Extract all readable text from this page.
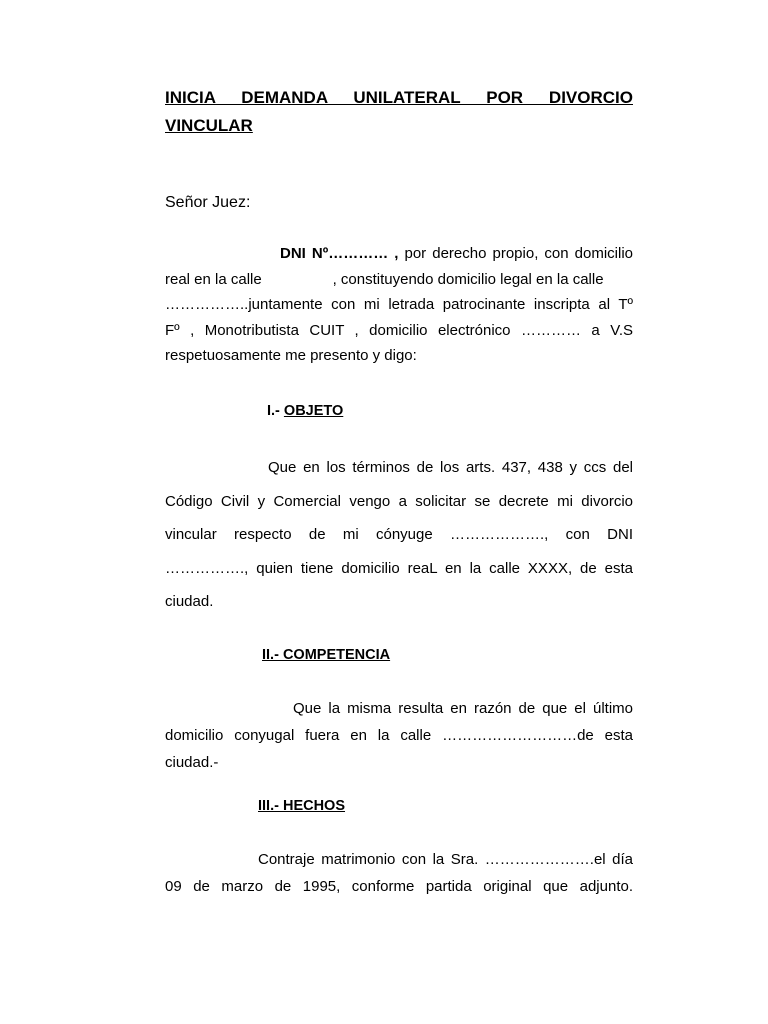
INICIA DEMANDA UNILATERAL POR DIVORCIO
VINCULAR
Señor Juez:
DNI Nº………… , por derecho propio, con domicilio
real en la calle                 , constituyendo domicilio legal en la calle
……………..juntamente con mi letrada patrocinante inscripta al Tº
Fº , Monotributista CUIT , domicilio electrónico ………… a V.S
respetuosamente me presento y digo:
I.- OBJETO
Que en los términos de los arts. 437, 438 y ccs del
Código Civil y Comercial vengo a solicitar se decrete mi divorcio
vincular respecto de mi cónyuge ………………., con DNI
……………., quien tiene domicilio reaL en la calle XXXX, de esta
ciudad.
II.- COMPETENCIA
Que la misma resulta en razón de que el último
domicilio conyugal fuera en la calle ………………………de esta
ciudad.-
III.- HECHOS
Contraje matrimonio con la Sra. ………………….el día
09 de marzo de 1995, conforme partida original que adjunto.
